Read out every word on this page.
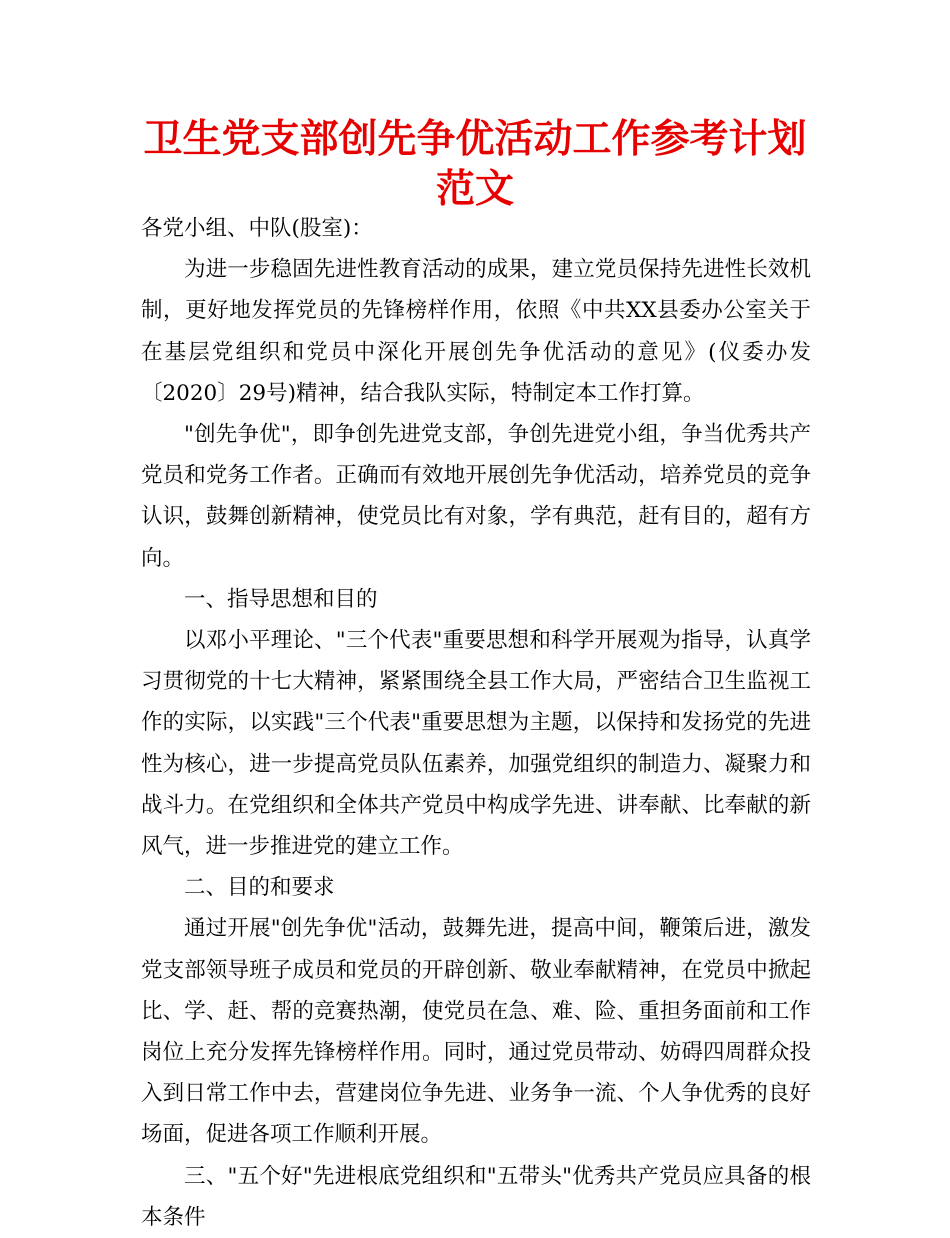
卫生党支部创先争优活动工作参考计划范文

各党小组、中队(股室)：

为进一步稳固先进性教育活动的成果，建立党员保持先进性长效机制，更好地发挥党员的先锋榜样作用，依照《中共XX县委办公室关于在基层党组织和党员中深化开展创先争优活动的意见》(仪委办发〔2020〕29号)精神，结合我队实际，特制定本工作打算。

"创先争优"，即争创先进党支部，争创先进党小组，争当优秀共产党员和党务工作者。正确而有效地开展创先争优活动，培养党员的竞争认识，鼓舞创新精神，使党员比有对象，学有典范，赶有目的，超有方向。

一、指导思想和目的

以邓小平理论、"三个代表"重要思想和科学开展观为指导，认真学习贯彻党的十七大精神，紧紧围绕全县工作大局，严密结合卫生监视工作的实际，以实践"三个代表"重要思想为主题，以保持和发扬党的先进性为核心，进一步提高党员队伍素养，加强党组织的制造力、凝聚力和战斗力。在党组织和全体共产党员中构成学先进、讲奉献、比奉献的新风气，进一步推进党的建立工作。

二、目的和要求

通过开展"创先争优"活动，鼓舞先进，提高中间，鞭策后进，激发党支部领导班子成员和党员的开辟创新、敬业奉献精神，在党员中掀起比、学、赶、帮的竞赛热潮，使党员在急、难、险、重担务面前和工作岗位上充分发挥先锋榜样作用。同时，通过党员带动、妨碍四周群众投入到日常工作中去，营建岗位争先进、业务争一流、个人争优秀的良好场面，促进各项工作顺利开展。

三、"五个好"先进根底党组织和"五带头"优秀共产党员应具备的根本条件
